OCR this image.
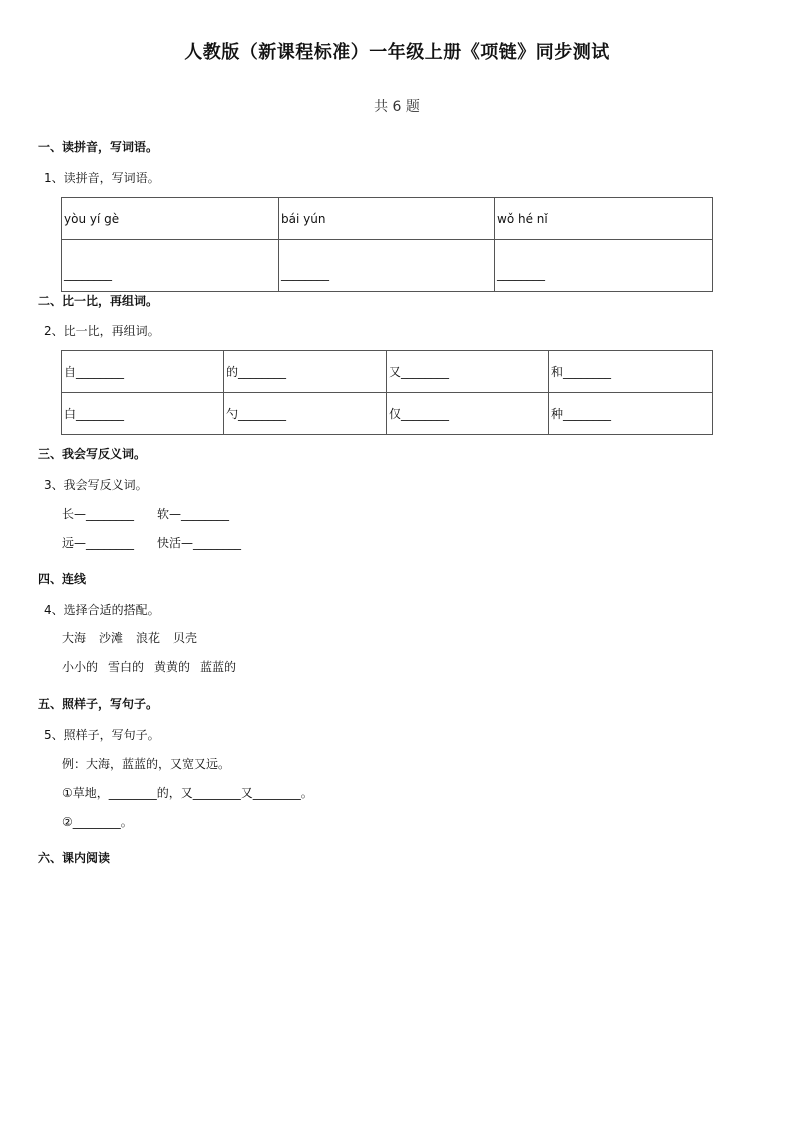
人教版（新课程标准）一年级上册《项链》同步测试
共 6 题
一、读拼音，写词语。
1、读拼音，写词语。
yòu yí gè	bái yún	wǒ hé nǐ
________	________	________
二、比一比，再组词。
2、比一比，再组词。
自________	的________	又________	和________
白________	勺________	仅________	种________
三、我会写反义词。
3、我会写反义词。
长—________ 软—________
远—________ 快活—________
四、连线
4、选择合适的搭配。
大海 沙滩 浪花 贝壳
小小的 雪白的 黄黄的 蓝蓝的
五、照样子，写句子。
5、照样子，写句子。
例：大海，蓝蓝的，又宽又远。
①草地，________的，又________又________。
②________。
六、课内阅读
